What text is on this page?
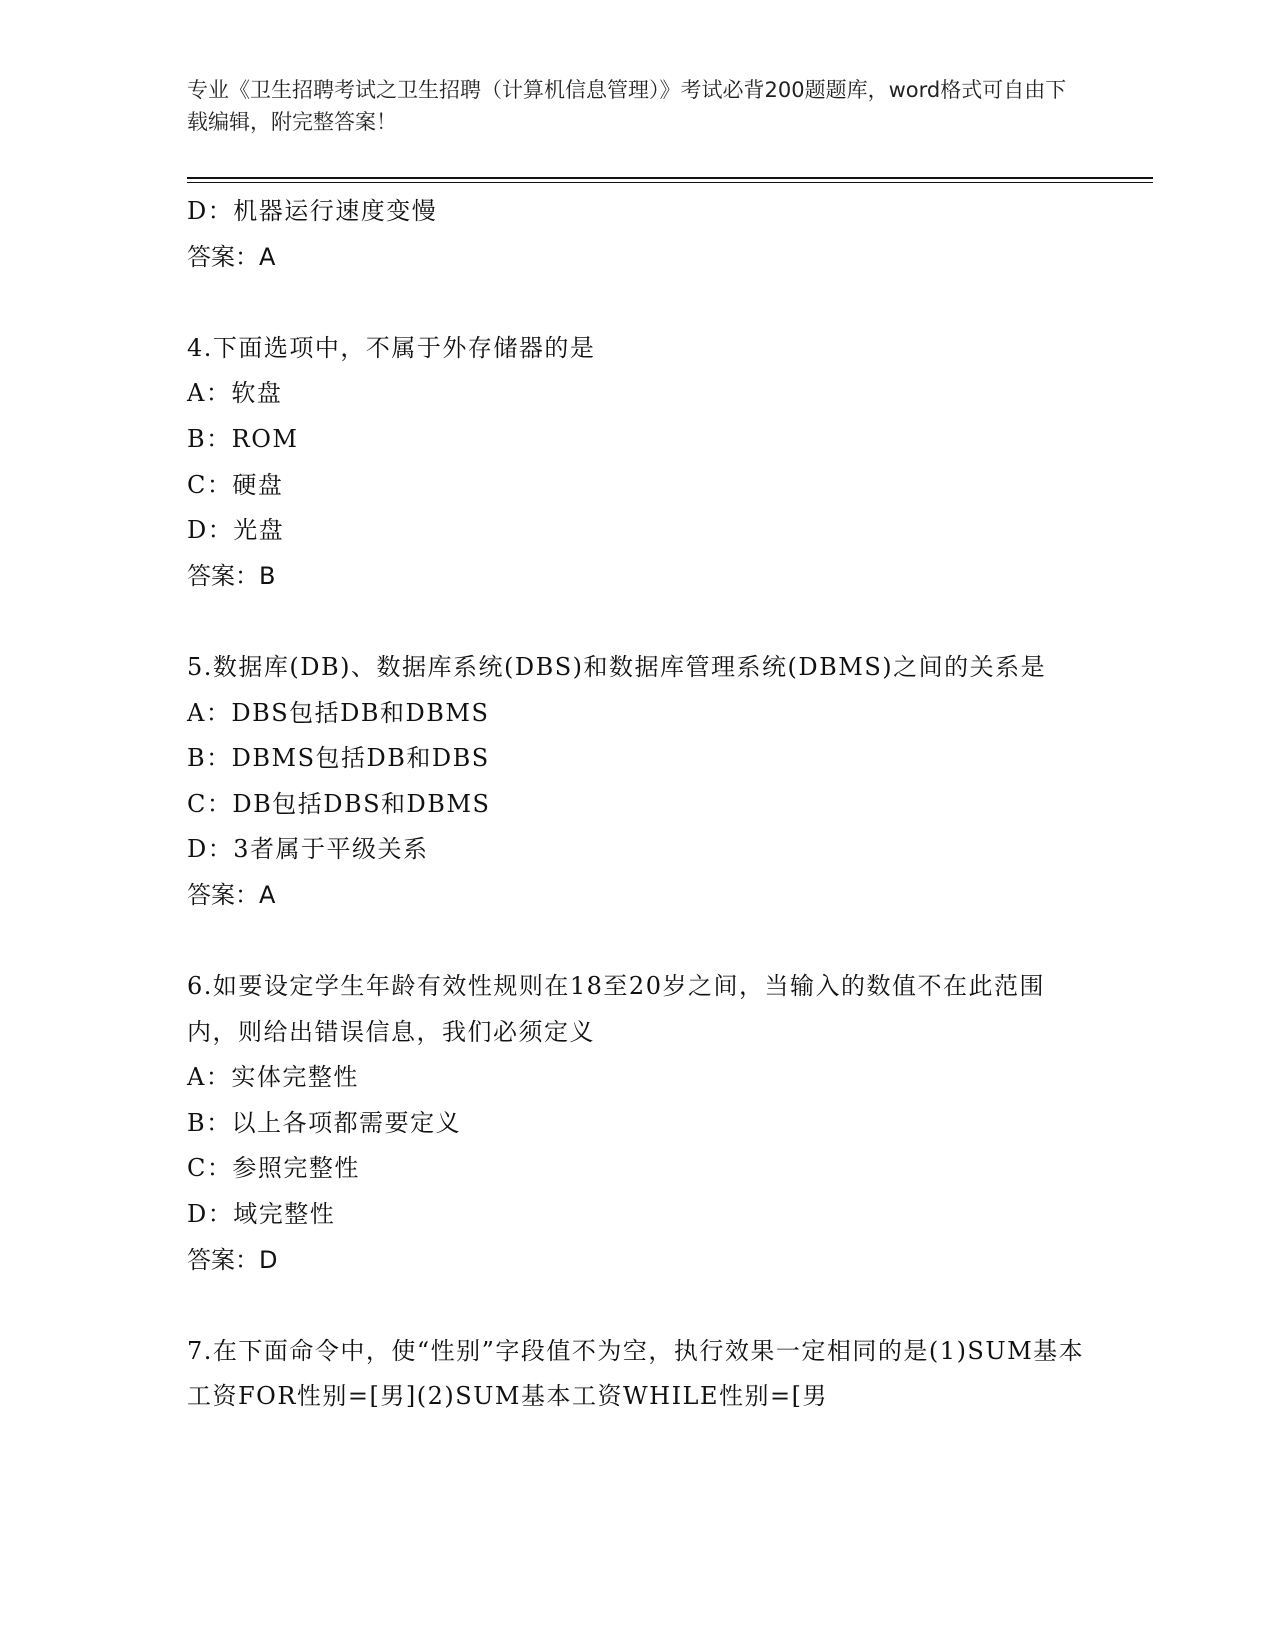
专业《卫生招聘考试之卫生招聘（计算机信息管理）》考试必背200题题库，word格式可自由下载编辑，附完整答案！

D：机器运行速度变慢

答案：A

4.下面选项中，不属于外存储器的是

A：软盘

B：ROM

C：硬盘

D：光盘

答案：B

5.数据库(DB)、数据库系统(DBS)和数据库管理系统(DBMS)之间的关系是

A：DBS包括DB和DBMS

B：DBMS包括DB和DBS

C：DB包括DBS和DBMS

D：3者属于平级关系

答案：A

6.如要设定学生年龄有效性规则在18至20岁之间，当输入的数值不在此范围内，则给出错误信息，我们必须定义

A：实体完整性

B：以上各项都需要定义

C：参照完整性

D：域完整性

答案：D

7.在下面命令中，使“性别”字段值不为空，执行效果一定相同的是(1)SUM基本工资FOR性别=[男](2)SUM基本工资WHILE性别=[男
